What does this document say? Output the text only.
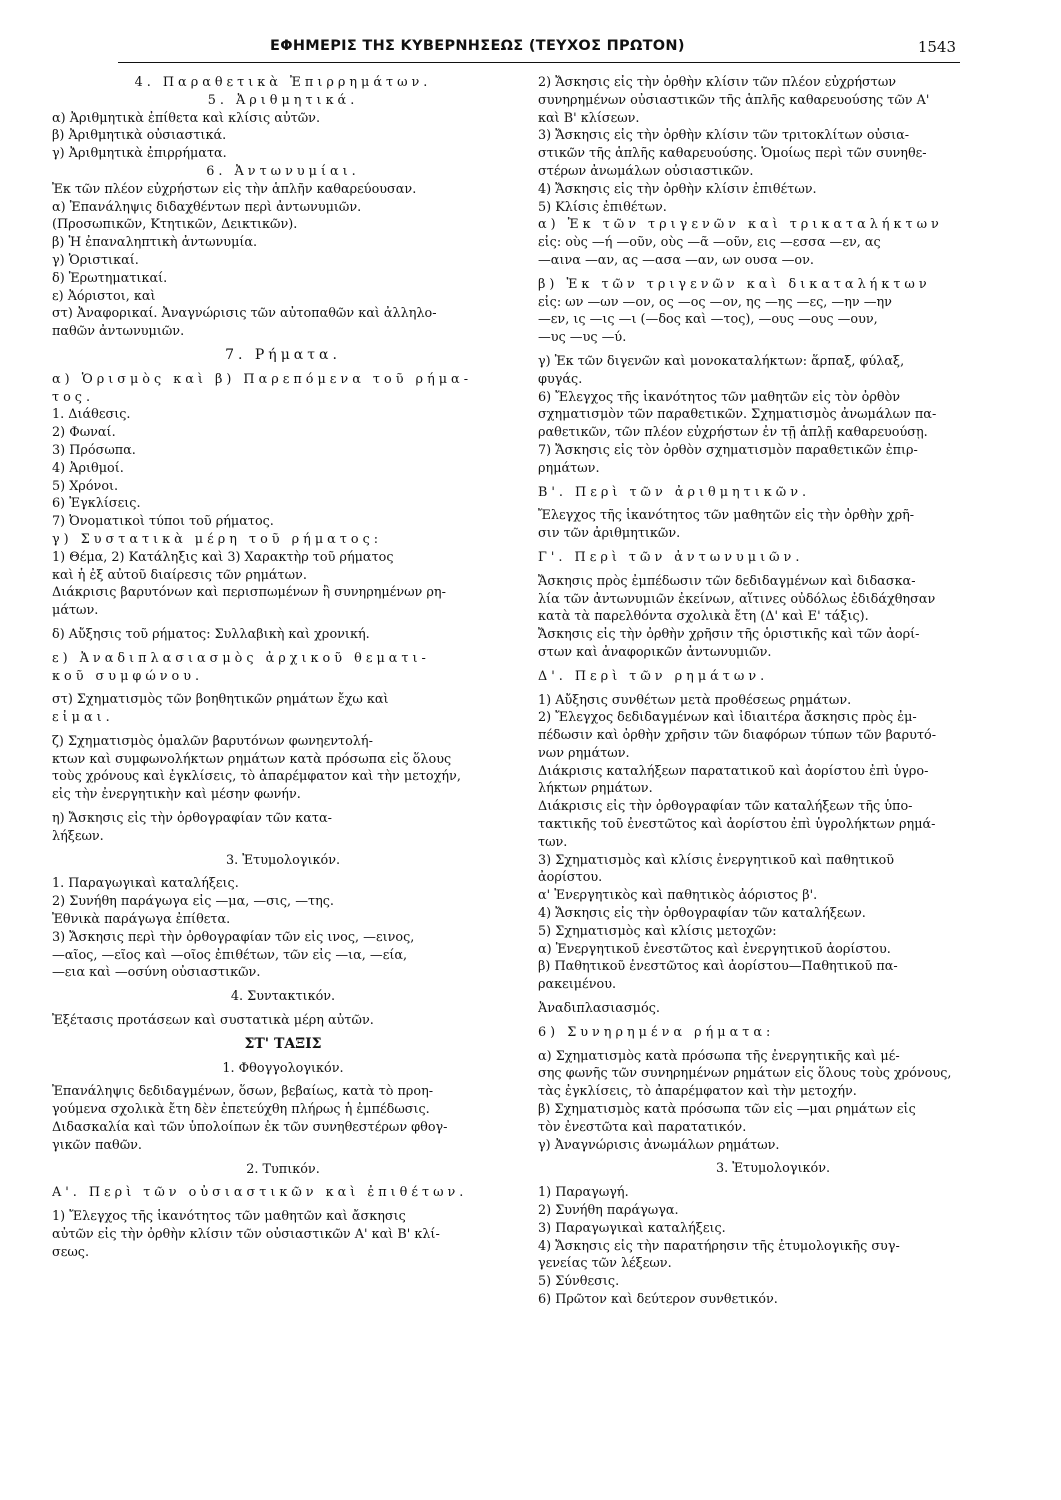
ΕΦΗΜΕΡΙΣ ΤΗΣ ΚΥΒΕΡΝΗΣΕΩΣ (ΤΕΥΧΟΣ ΠΡΩΤΟΝ)	1543
4. Παραθετικὰ Ἐπιρρημάτων.
5. Ἀριθμητικά.
α) Ἀριθμητικὰ ἐπίθετα καὶ κλίσις αὐτῶν.
β) Ἀριθμητικὰ οὐσιαστικά.
γ) Ἀριθμητικὰ ἐπιρρήματα.
6. Ἀντωνυμίαι.
Ἐκ τῶν πλέον εὐχρήστων εἰς τὴν ἁπλῆν καθαρεύουσαν.
α) Ἐπανάληψις διδαχθέντων περὶ ἀντωνυμιῶν.
(Προσωπικῶν, Κτητικῶν, Δεικτικῶν).
β) Ἡ ἐπαναληπτικὴ ἀντωνυμία.
γ) Ὁριστικαί.
δ) Ἐρωτηματικαί.
ε) Ἀόριστοι, καὶ
στ) Ἀναφορικαί. Ἀναγνώρισις τῶν αὐτοπαθῶν καὶ ἀλληλο-
παθῶν ἀντωνυμιῶν.
7. Ρήματα.
α) Ὁρισμὸς καὶ β) Παρεπόμενα τοῦ ρήμα-
τος.
1. Διάθεσις.
2) Φωναί.
3) Πρόσωπα.
4) Ἀριθμοί.
5) Χρόνοι.
6) Ἐγκλίσεις.
7) Ὀνοματικοὶ τύποι τοῦ ρήματος.
γ) Συστατικὰ μέρη τοῦ ρήματος:
1) Θέμα, 2) Κατάληξις καὶ 3) Χαρακτὴρ τοῦ ρήματος
καὶ ἡ ἐξ αὐτοῦ διαίρεσις τῶν ρημάτων.
Διάκρισις βαρυτόνων καὶ περισπωμένων ἢ συνηρημένων ρη-
μάτων.
δ) Αὔξησις τοῦ ρήματος: Συλλαβικὴ καὶ χρονική.
ε) Ἀναδιπλασιασμὸς ἀρχικοῦ θεματι-
κοῦ συμφώνου.
στ) Σχηματισμὸς τῶν βοηθητικῶν ρημάτων ἔχω καὶ
εἰμαι.
ζ) Σχηματισμὸς ὁμαλῶν βαρυτόνων φωνηεντολή-
κτων καὶ συμφωνολήκτων ρημάτων κατὰ πρόσωπα εἰς ὅλους
τοὺς χρόνους καὶ ἐγκλίσεις, τὸ ἀπαρέμφατον καὶ τὴν μετοχήν,
εἰς τὴν ἐνεργητικὴν καὶ μέσην φωνήν.
η) Ἄσκησις εἰς τὴν ὀρθογραφίαν τῶν κατα-
λήξεων.
3. Ἐτυμολογικόν.
1. Παραγωγικαὶ καταλήξεις.
2) Συνήθη παράγωγα εἰς —μα, —σις, —της.
Ἐθνικὰ παράγωγα ἐπίθετα.
3) Ἄσκησις περὶ τὴν ὀρθογραφίαν τῶν εἰς ινος, —εινος,
—αῖος, —εῖος καὶ —οῖος ἐπιθέτων, τῶν εἰς —ια, —εία,
—εια καὶ —οσύνη οὐσιαστικῶν.
4. Συντακτικόν.
Ἐξέτασις προτάσεων καὶ συστατικὰ μέρη αὐτῶν.
ΣΤ' ΤΑΞΙΣ
1. Φθογγολογικόν.
Ἐπανάληψις δεδιδαγμένων, ὅσων, βεβαίως, κατὰ τὸ προη-
γούμενα σχολικὰ ἔτη δὲν ἐπετεύχθη πλήρως ἡ ἐμπέδωσις.
Διδασκαλία καὶ τῶν ὑπολοίπων ἐκ τῶν συνηθεστέρων φθογ-
γικῶν παθῶν.
2. Τυπικόν.
Α'. Περὶ τῶν οὐσιαστικῶν καὶ ἐπιθέτων.
1) Ἔλεγχος τῆς ἱκανότητος τῶν μαθητῶν καὶ ἄσκησις
αὐτῶν εἰς τὴν ὀρθὴν κλίσιν τῶν οὐσιαστικῶν Α' καὶ Β' κλί-
σεως.
2) Ἄσκησις εἰς τὴν ὀρθὴν κλίσιν τῶν πλέον εὐχρήστων
συνηρημένων οὐσιαστικῶν τῆς ἁπλῆς καθαρευούσης τῶν Α'
καὶ Β' κλίσεων.
3) Ἄσκησις εἰς τὴν ὀρθὴν κλίσιν τῶν τριτοκλίτων οὐσια-
στικῶν τῆς ἁπλῆς καθαρευούσης. Ὁμοίως περὶ τῶν συνηθε-
στέρων ἀνωμάλων οὐσιαστικῶν.
4) Ἄσκησις εἰς τὴν ὀρθὴν κλίσιν ἐπιθέτων.
5) Κλίσις ἐπιθέτων.
α) Ἐκ τῶν τριγενῶν καὶ τρικαταλήκτων
εἰς: οὺς —ή —οῦν, οὺς —ᾶ —οῦν, εις —εσσα —εν, ας
—αινα —αν, ας —ασα —αν, ων ουσα —ον.
β) Ἐκ τῶν τριγενῶν καὶ δικαταλήκτων
εἰς: ων —ων —ον, ος —ος —ον, ης —ης —ες, —ην —ην
—εν, ις —ις —ι (—δος καὶ —τος), —ους —ους —ουν,
—υς —υς —ύ.
γ) Ἐκ τῶν διγενῶν καὶ μονοκαταλήκτων: ἅρπαξ, φύλαξ,
φυγάς.
6) Ἔλεγχος τῆς ἱκανότητος τῶν μαθητῶν εἰς τὸν ὀρθὸν
σχηματισμὸν τῶν παραθετικῶν. Σχηματισμὸς ἀνωμάλων πα-
ραθετικῶν, τῶν πλέον εὐχρήστων ἐν τῇ ἁπλῇ καθαρευούσῃ.
7) Ἄσκησις εἰς τὸν ὀρθὸν σχηματισμὸν παραθετικῶν ἐπιρ-
ρημάτων.
Β'. Περὶ τῶν ἀριθμητικῶν.
Ἔλεγχος τῆς ἱκανότητος τῶν μαθητῶν εἰς τὴν ὀρθὴν χρῆ-
σιν τῶν ἀριθμητικῶν.
Γ'. Περὶ τῶν ἀντωνυμιῶν.
Ἄσκησις πρὸς ἐμπέδωσιν τῶν δεδιδαγμένων καὶ διδασκα-
λία τῶν ἀντωνυμιῶν ἐκείνων, αἵτινες οὐδόλως ἐδιδάχθησαν
κατὰ τὰ παρελθόντα σχολικὰ ἔτη (Δ' καὶ Ε' τάξις).
Ἄσκησις εἰς τὴν ὀρθὴν χρῆσιν τῆς ὁριστικῆς καὶ τῶν ἀορί-
στων καὶ ἀναφορικῶν ἀντωνυμιῶν.
Δ'. Περὶ τῶν ρημάτων.
1) Αὔξησις συνθέτων μετὰ προθέσεως ρημάτων.
2) Ἔλεγχος δεδιδαγμένων καὶ ἰδιαιτέρα ἄσκησις πρὸς ἐμ-
πέδωσιν καὶ ὀρθὴν χρῆσιν τῶν διαφόρων τύπων τῶν βαρυτό-
νων ρημάτων.
Διάκρισις καταλήξεων παρατατικοῦ καὶ ἀορίστου ἐπὶ ὑγρο-
λήκτων ρημάτων.
Διάκρισις εἰς τὴν ὀρθογραφίαν τῶν καταλήξεων τῆς ὑπο-
τακτικῆς τοῦ ἐνεστῶτος καὶ ἀορίστου ἐπὶ ὑγρολήκτων ρημά-
των.
3) Σχηματισμὸς καὶ κλίσις ἐνεργητικοῦ καὶ παθητικοῦ
ἀορίστου.
α' Ἐνεργητικὸς καὶ παθητικὸς ἀόριστος β'.
4) Ἄσκησις εἰς τὴν ὀρθογραφίαν τῶν καταλήξεων.
5) Σχηματισμὸς καὶ κλίσις μετοχῶν:
α) Ἐνεργητικοῦ ἐνεστῶτος καὶ ἐνεργητικοῦ ἀορίστου.
β) Παθητικοῦ ἐνεστῶτος καὶ ἀορίστου—Παθητικοῦ πα-
ρακειμένου.
Ἀναδιπλασιασμός.
6) Συνηρημένα ρήματα:
α) Σχηματισμὸς κατὰ πρόσωπα τῆς ἐνεργητικῆς καὶ μέ-
σης φωνῆς τῶν συνηρημένων ρημάτων εἰς ὅλους τοὺς χρόνους,
τὰς ἐγκλίσεις, τὸ ἀπαρέμφατον καὶ τὴν μετοχήν.
β) Σχηματισμὸς κατὰ πρόσωπα τῶν εἰς —μαι ρημάτων εἰς
τὸν ἐνεστῶτα καὶ παρατατικόν.
γ) Ἀναγνώρισις ἀνωμάλων ρημάτων.
3. Ἐτυμολογικόν.
1) Παραγωγή.
2) Συνήθη παράγωγα.
3) Παραγωγικαὶ καταλήξεις.
4) Ἄσκησις εἰς τὴν παρατήρησιν τῆς ἐτυμολογικῆς συγ-
γενείας τῶν λέξεων.
5) Σύνθεσις.
6) Πρῶτον καὶ δεύτερον συνθετικόν.
